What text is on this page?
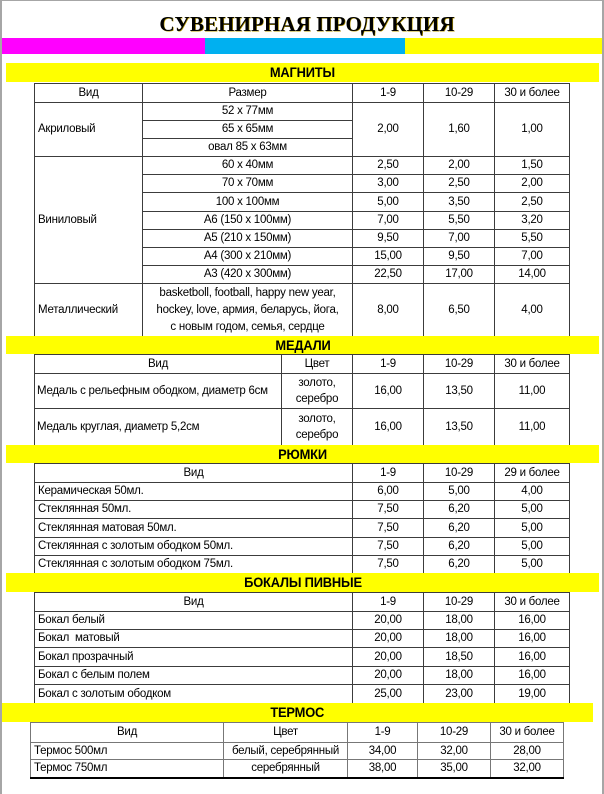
СУВЕНИРНАЯ ПРОДУКЦИЯ
МАГНИТЫ
Вид	Размер	1-9	10-29	30 и более
Акриловый	52 x 77мм	2,00	1,60	1,00
	65 x 65мм			
	овал 85 x 63мм			
Виниловый	60 x 40мм	2,50	2,00	1,50
	70 x 70мм	3,00	2,50	2,00
	100 x 100мм	5,00	3,50	2,50
	А6 (150 x 100мм)	7,00	5,50	3,20
	А5 (210 x 150мм)	9,50	7,00	5,50
	А4 (300 x 210мм)	15,00	9,50	7,00
	А3 (420 x 300мм)	22,50	17,00	14,00
Металлический	basketboll, football, happy new year,
hockey, love, армия, беларусь, йога,
с новым годом, семья, сердце	8,00	6,50	4,00
МЕДАЛИ
Вид	Цвет	1-9	10-29	30 и более
Медаль с рельефным ободком, диаметр 6см	золото,
серебро	16,00	13,50	11,00
Медаль круглая, диаметр 5,2см	золото,
серебро	16,00	13,50	11,00
РЮМКИ
Вид	1-9	10-29	29 и более
Керамическая 50мл.	6,00	5,00	4,00
Стеклянная 50мл.	7,50	6,20	5,00
Стеклянная матовая 50мл.	7,50	6,20	5,00
Стеклянная с золотым ободком 50мл.	7,50	6,20	5,00
Стеклянная с золотым ободком 75мл.	7,50	6,20	5,00
БОКАЛЫ ПИВНЫЕ
Вид	1-9	10-29	30 и более
Бокал белый	20,00	18,00	16,00
Бокал  матовый	20,00	18,00	16,00
Бокал прозрачный	20,00	18,50	16,00
Бокал с белым полем	20,00	18,00	16,00
Бокал с золотым ободком	25,00	23,00	19,00
ТЕРМОС
Вид	Цвет	1-9	10-29	30 и более
Термос 500мл	белый, серебрянный	34,00	32,00	28,00
Термос 750мл	серебрянный	38,00	35,00	32,00
